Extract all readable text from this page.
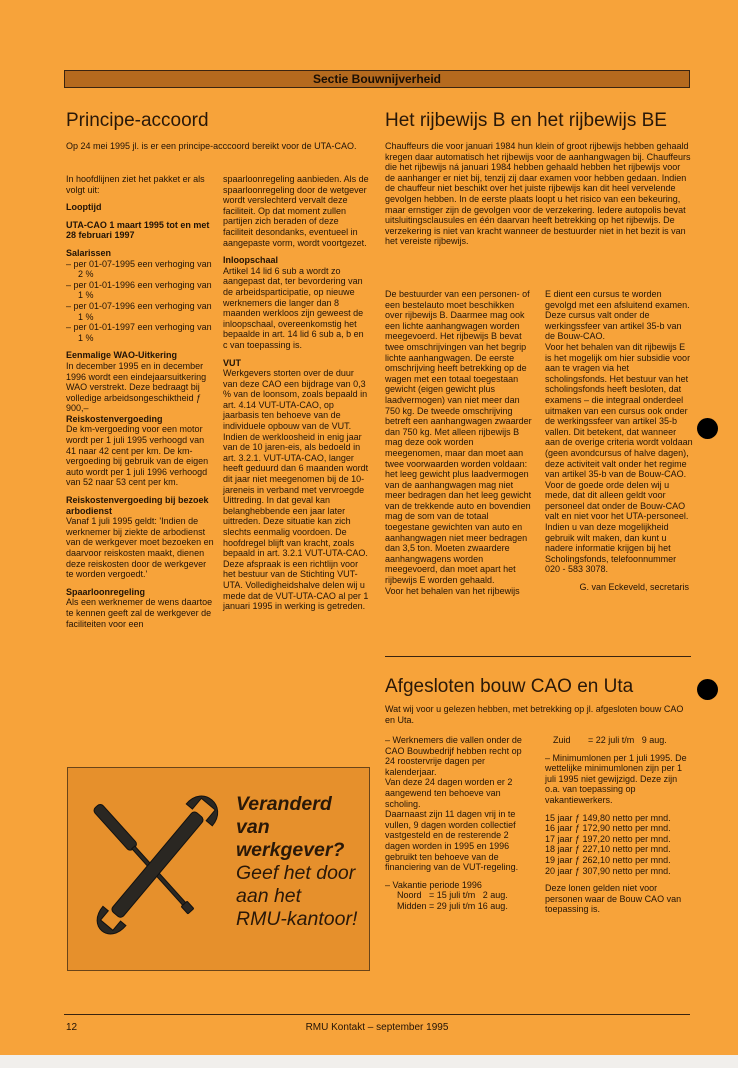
Sectie Bouwnijverheid
Principe-accoord

Op 24 mei 1995 jl. is er een principe-acccoord bereikt voor de UTA-CAO.

In hoofdlijnen ziet het pakket er als volgt uit:

Looptijd

UTA-CAO 1 maart 1995 tot en met 28 februari 1997

Salarissen
– per 01-07-1995 een verhoging van 2 %
– per 01-01-1996 een verhoging van 1 %
– per 01-07-1996 een verhoging van 1 %
– per 01-01-1997 een verhoging van 1 %
Eenmalige WAO-Uitkering
In december 1995 en in december 1996 wordt een eindejaarsuitkering WAO verstrekt. Deze bedraagt bij volledige arbeidsongeschiktheid ƒ 900,–
Reiskostenvergoeding

De km-vergoeding voor een motor wordt per 1 juli 1995 verhoogd van 41 naar 42 cent per km. De km-vergoeding bij gebruik van de eigen auto wordt per 1 juli 1996 verhoogd van 52 naar 53 cent per km.

Reiskostenvergoeding bij bezoek arbodienst

Vanaf 1 juli 1995 geldt: 'Indien de werknemer bij ziekte de arbodienst van de werkgever moet bezoeken en daarvoor reiskosten maakt, dienen deze reiskosten door de werkgever te worden vergoedt.'

Spaarloonregeling
Als een werknemer de wens daartoe te kennen geeft zal de werkgever de faciliteiten voor een

spaarloonregeling aanbieden. Als de spaarloonregeling door de wetgever wordt verslechterd vervalt deze faciliteit. Op dat moment zullen partijen zich beraden of deze faciliteit desondanks, eventueel in aangepaste vorm, wordt voortgezet.

Inloopschaal

Artikel 14 lid 6 sub a wordt zo aangepast dat, ter bevordering van de arbeidsparticipatie, op nieuwe werknemers die langer dan 8 maanden werkloos zijn geweest de inloopschaal, overeenkomstig het bepaalde in art. 14 lid 6 sub a, b en c van toepassing is.

VUT
Werkgevers storten over de duur van deze CAO een bijdrage van 0,3 % van de loonsom, zoals bepaald in art. 4.14 VUT-UTA-CAO, op jaarbasis ten behoeve van de individuele opbouw van de VUT.
Indien de werkloosheid in enig jaar van de 10 jaren-eis, als bedoeld in art. 3.2.1. VUT-UTA-CAO, langer heeft geduurd dan 6 maanden wordt dit jaar niet meegenomen bij de 10-jareneis in verband met vervroegde Uittreding. In dat geval kan belanghebbende een jaar later uittreden. Deze situatie kan zich slechts eenmalig voordoen. De hoofdregel blijft van kracht, zoals bepaald in art. 3.2.1 VUT-UTA-CAO. Deze afspraak is een richtlijn voor het bestuur van de Stichting VUT-UTA. Volledigheidshalve delen wij u mede dat de VUT-UTA-CAO al per 1 januari 1995 in werking is getreden.
Het rijbewijs B en het rijbewijs BE

Chauffeurs die voor januari 1984 hun klein of groot rijbewijs hebben gehaald kregen daar automatisch het rijbewijs voor de aanhangwagen bij. Chauffeurs die het rijbewijs ná januari 1984 hebben gehaald hebben het rijbewijs voor de aanhanger er niet bij, tenzij zij daar examen voor hebben gedaan. Indien de chauffeur niet beschikt over het juiste rijbewijs kan dit heel vervelende gevolgen hebben. In de eerste plaats loopt u het risico van een bekeuring, maar ernstiger zijn de gevolgen voor de verzekering. Iedere autopolis bevat uitsluitingsclausules en één daarvan heeft betrekking op het rijbewijs. De verzekering is niet van kracht wanneer de bestuurder niet in het bezit is van het vereiste rijbewijs.

De bestuurder van een personen- of een bestelauto moet beschikken over rijbewijs B. Daarmee mag ook een lichte aanhangwagen worden meegevoerd. Het rijbewijs B bevat twee omschrijvingen van het begrip lichte aanhangwagen. De eerste omschrijving heeft betrekking op de wagen met een totaal toegestaan gewicht (eigen gewicht plus laadvermogen) van niet meer dan 750 kg. De tweede omschrijving betreft een aanhangwagen zwaarder dan 750 kg. Met alleen rijbewijs B mag deze ook worden meegenomen, maar dan moet aan twee voorwaarden worden voldaan: het leeg gewicht plus laadvermogen van de aanhangwagen mag niet meer bedragen dan het leeg gewicht van de trekkende auto en bovendien mag de som van de totaal toegestane gewichten van auto en aanhangwagen niet meer bedragen dan 3,5 ton. Moeten zwaardere aanhangwagens worden meegevoerd, dan moet apart het rijbewijs E worden gehaald.
Voor het behalen van het rijbewijs
E dient een cursus te worden gevolgd met een afsluitend examen. Deze cursus valt onder de werkingssfeer van artikel 35-b van de Bouw-CAO.
Voor het behalen van dit rijbewijs E is het mogelijk om hier subsidie voor aan te vragen via het scholingsfonds. Het bestuur van het scholingsfonds heeft besloten, dat examens – die integraal onderdeel uitmaken van een cursus ook onder de werkingssfeer van artikel 35-b vallen. Dit betekent, dat wanneer aan de overige criteria wordt voldaan (geen avondcursus of halve dagen), deze activiteit valt onder het regime van artikel 35-b van de Bouw-CAO. Voor de goede orde delen wij u mede, dat dit alleen geldt voor personeel dat onder de Bouw-CAO valt en niet voor het UTA-personeel.

Indien u van deze mogelijkheid gebruik wilt maken, dan kunt u nadere informatie krijgen bij het Scholingsfonds, telefoonnummer 020 - 583 3078.

G. van Eckeveld, secretaris
Afgesloten bouw CAO en Uta

Wat wij voor u gelezen hebben, met betrekking op jl. afgesloten bouw CAO en Uta.

– Werknemers die vallen onder de CAO Bouwbedrijf hebben recht op 24 roostervrije dagen per kalenderjaar.
Van deze 24 dagen worden er 2 aangewend ten behoeve van scholing.

Daarnaast zijn 11 dagen vrij in te vullen, 9 dagen worden collectief vastgesteld en de resterende 2 dagen worden in 1995 en 1996 gebruikt ten behoeve van de financiering van de VUT-regeling.

– Vakantie periode 1996
Noord   = 15 juli t/m   2 aug.
Midden = 29 juli t/m 16 aug.

Zuid       = 22 juli t/m   9 aug.

– Minimumlonen per 1 juli 1995. De wettelijke minimumlonen zijn per 1 juli 1995 niet gewijzigd. Deze zijn o.a. van toepassing op vakantiewerkers.

15 jaar ƒ 149,80 netto per mnd.
16 jaar ƒ 172,90 netto per mnd.
17 jaar ƒ 197,20 netto per mnd.
18 jaar ƒ 227,10 netto per mnd.
19 jaar ƒ 262,10 netto per mnd.
20 jaar ƒ 307,90 netto per mnd.
Deze lonen gelden niet voor personen waar de Bouw CAO van toepassing is.
Veranderd
van
werkgever?
Geef het door
aan het
RMU-kantoor!
12	RMU Kontakt – september 1995
